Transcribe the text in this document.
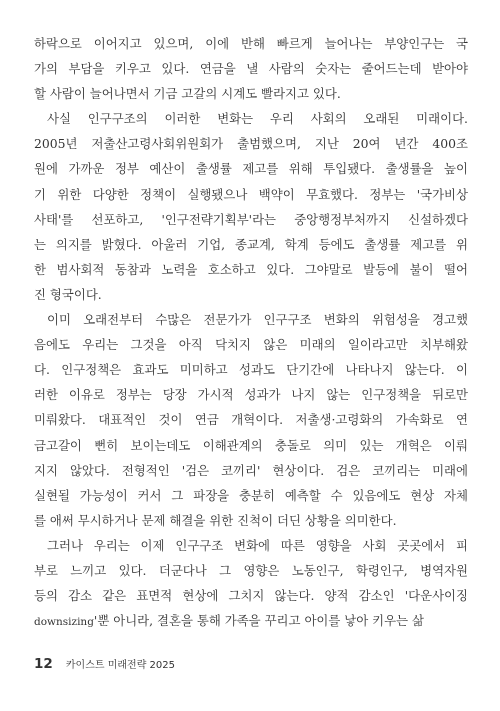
하락으로 이어지고 있으며, 이에 반해 빠르게 늘어나는 부양인구는 국
가의 부담을 키우고 있다. 연금을 낼 사람의 숫자는 줄어드는데 받아야
할 사람이 늘어나면서 기금 고갈의 시계도 빨라지고 있다.
사실 인구구조의 이러한 변화는 우리 사회의 오래된 미래이다.
2005년 저출산고령사회위원회가 출범했으며, 지난 20여 년간 400조
원에 가까운 정부 예산이 출생률 제고를 위해 투입됐다. 출생률을 높이
기 위한 다양한 정책이 실행됐으나 백약이 무효했다. 정부는 '국가비상
사태'를 선포하고, '인구전략기획부'라는 중앙행정부처까지 신설하겠다
는 의지를 밝혔다. 아울러 기업, 종교계, 학계 등에도 출생률 제고를 위
한 범사회적 동참과 노력을 호소하고 있다. 그야말로 발등에 불이 떨어
진 형국이다.
이미 오래전부터 수많은 전문가가 인구구조 변화의 위험성을 경고했
음에도 우리는 그것을 아직 닥치지 않은 미래의 일이라고만 치부해왔
다. 인구정책은 효과도 미미하고 성과도 단기간에 나타나지 않는다. 이
러한 이유로 정부는 당장 가시적 성과가 나지 않는 인구정책을 뒤로만
미뤄왔다. 대표적인 것이 연금 개혁이다. 저출생·고령화의 가속화로 연
금고갈이 뻔히 보이는데도 이해관계의 충돌로 의미 있는 개혁은 이뤄
지지 않았다. 전형적인 '검은 코끼리' 현상이다. 검은 코끼리는 미래에
실현될 가능성이 커서 그 파장을 충분히 예측할 수 있음에도 현상 자체
를 애써 무시하거나 문제 해결을 위한 진척이 더딘 상황을 의미한다.
그러나 우리는 이제 인구구조 변화에 따른 영향을 사회 곳곳에서 피
부로 느끼고 있다. 더군다나 그 영향은 노동인구, 학령인구, 병역자원
등의 감소 같은 표면적 현상에 그치지 않는다. 양적 감소인 '다운사이징
downsizing'뿐 아니라, 결혼을 통해 가족을 꾸리고 아이를 낳아 키우는 삶
12 카이스트 미래전략 2025
